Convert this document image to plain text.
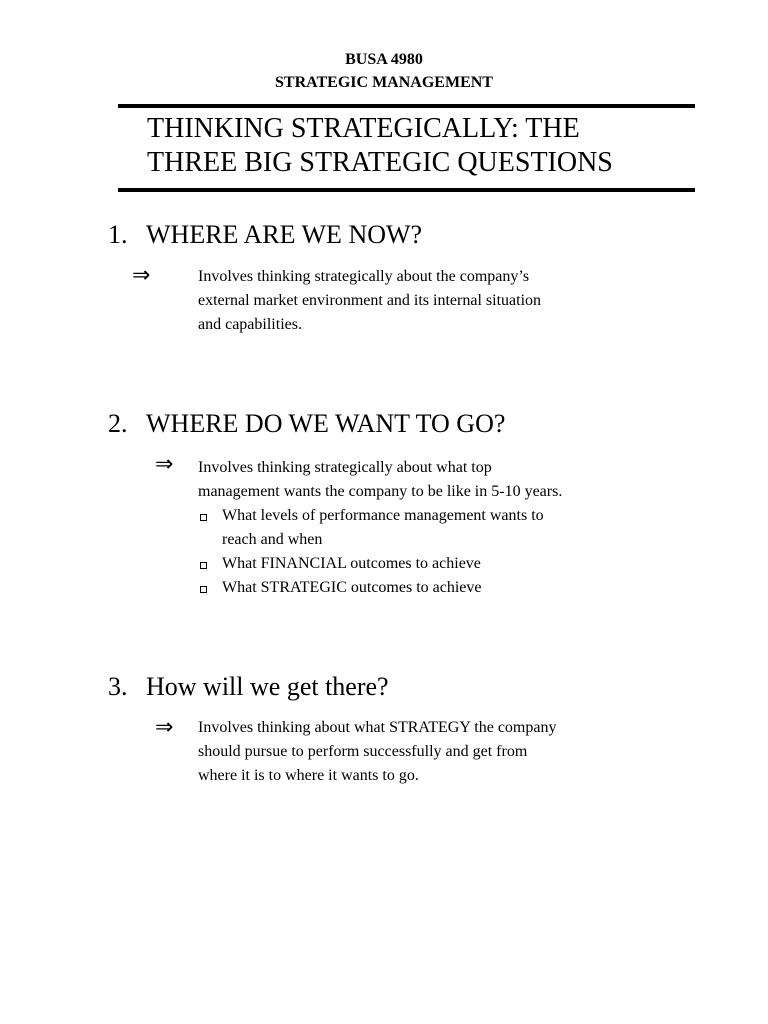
BUSA 4980
STRATEGIC MANAGEMENT
THINKING STRATEGICALLY: THE
THREE BIG STRATEGIC QUESTIONS
1. WHERE ARE WE NOW?
⇒	Involves thinking strategically about the company’s
external market environment and its internal situation
and capabilities.
2. WHERE DO WE WANT TO GO?
⇒ Involves thinking strategically about what top
management wants the company to be like in 5-10 years.
What levels of performance management wants to
reach and when
What FINANCIAL outcomes to achieve
What STRATEGIC outcomes to achieve
3. How will we get there?
⇒ Involves thinking about what STRATEGY the company
should pursue to perform successfully and get from
where it is to where it wants to go.
